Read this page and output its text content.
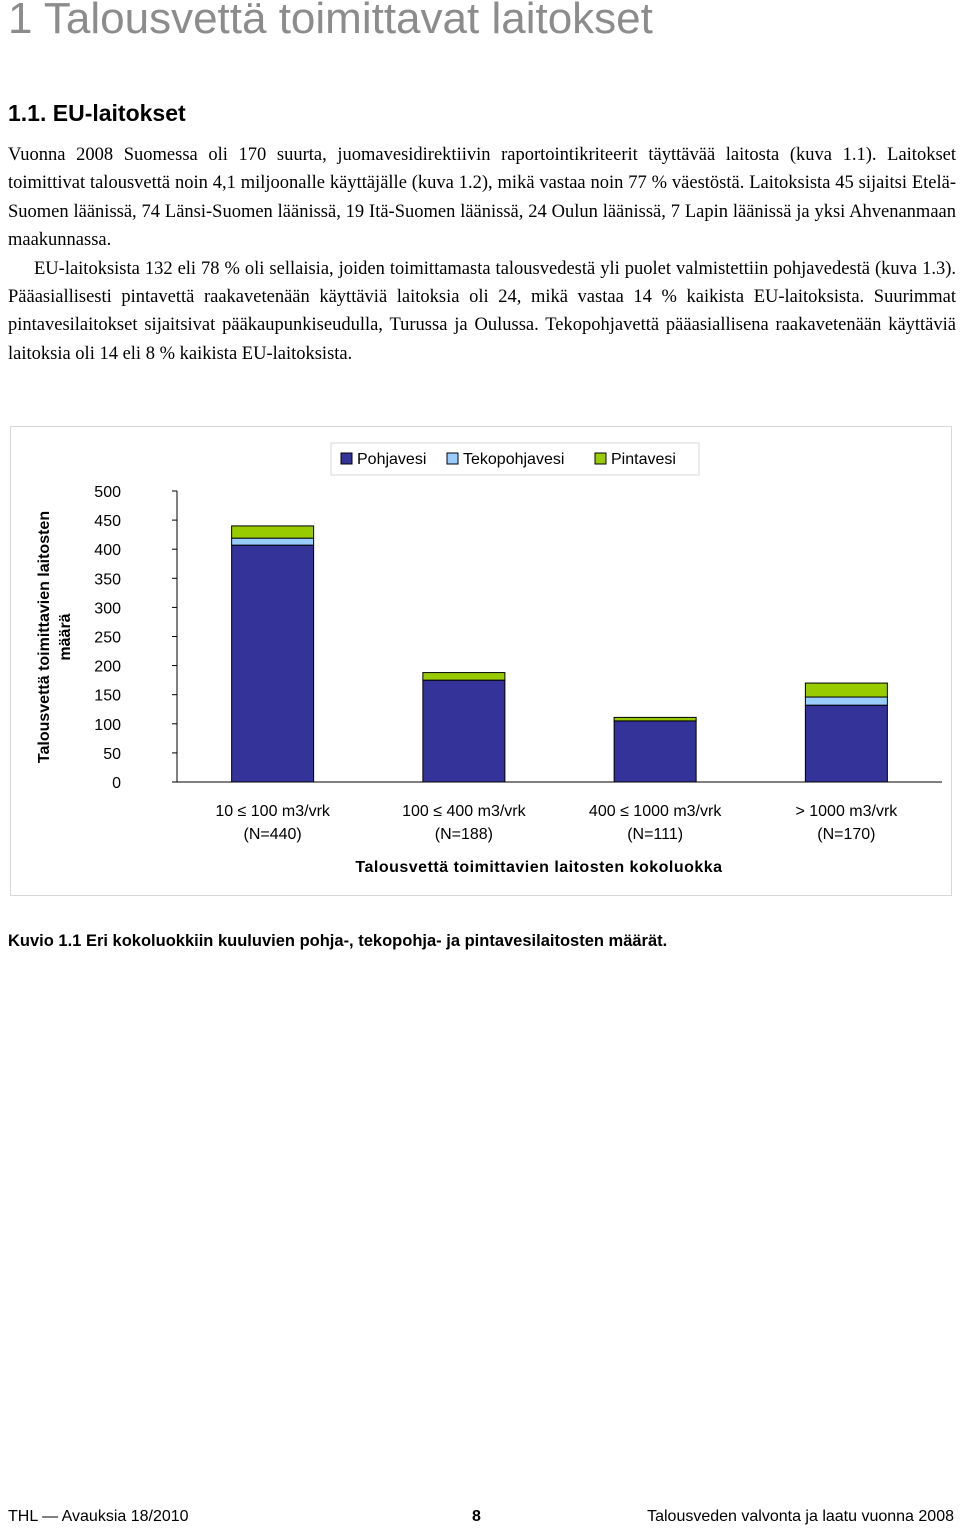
1 Talousvettä toimittavat laitokset
1.1. EU-laitokset

Vuonna 2008 Suomessa oli 170 suurta, juomavesidirektiivin raportointikriteerit täyttävää laitosta (kuva 1.1). Laitokset toimittivat talousvettä noin 4,1 miljoonalle käyttäjälle (kuva 1.2), mikä vastaa noin 77 % väestöstä. Laitoksista 45 sijaitsi Etelä-Suomen läänissä, 74 Länsi-Suomen läänissä, 19 Itä-Suomen läänissä, 24 Oulun läänissä, 7 Lapin läänissä ja yksi Ahvenanmaan maakunnassa.

EU-laitoksista 132 eli 78 % oli sellaisia, joiden toimittamasta talousvedestä yli puolet valmistettiin pohjavedestä (kuva 1.3). Pääasiallisesti pintavettä raakavetenään käyttäviä laitoksia oli 24, mikä vastaa 14 % kaikista EU-laitoksista. Suurimmat pintavesilaitokset sijaitsivat pääkaupunkiseudulla, Turussa ja Oulussa. Tekopohjavettä pääasiallisena raakavetenään käyttäviä laitoksia oli 14 eli 8 % kaikista EU-laitoksista.

0
50
100
150
200
250
300
350
400
450
500
Talousvettä toimittavien laitosten määrä
10 ≤ 100 m3/vrk
(N=440)
100 ≤ 400 m3/vrk
(N=188)
400 ≤ 1000 m3/vrk
(N=111)
> 1000 m3/vrk
(N=170)
Talousvettä toimittavien laitosten kokoluokka
Pohjavesi Tekopohjavesi	Pintavesi
Kuvio 1.1 Eri kokoluokkiin kuuluvien pohja-, tekopohja- ja pintavesilaitosten määrät.
THL — Avauksia 18/2010	8	Talousveden valvonta ja laatu vuonna 2008
